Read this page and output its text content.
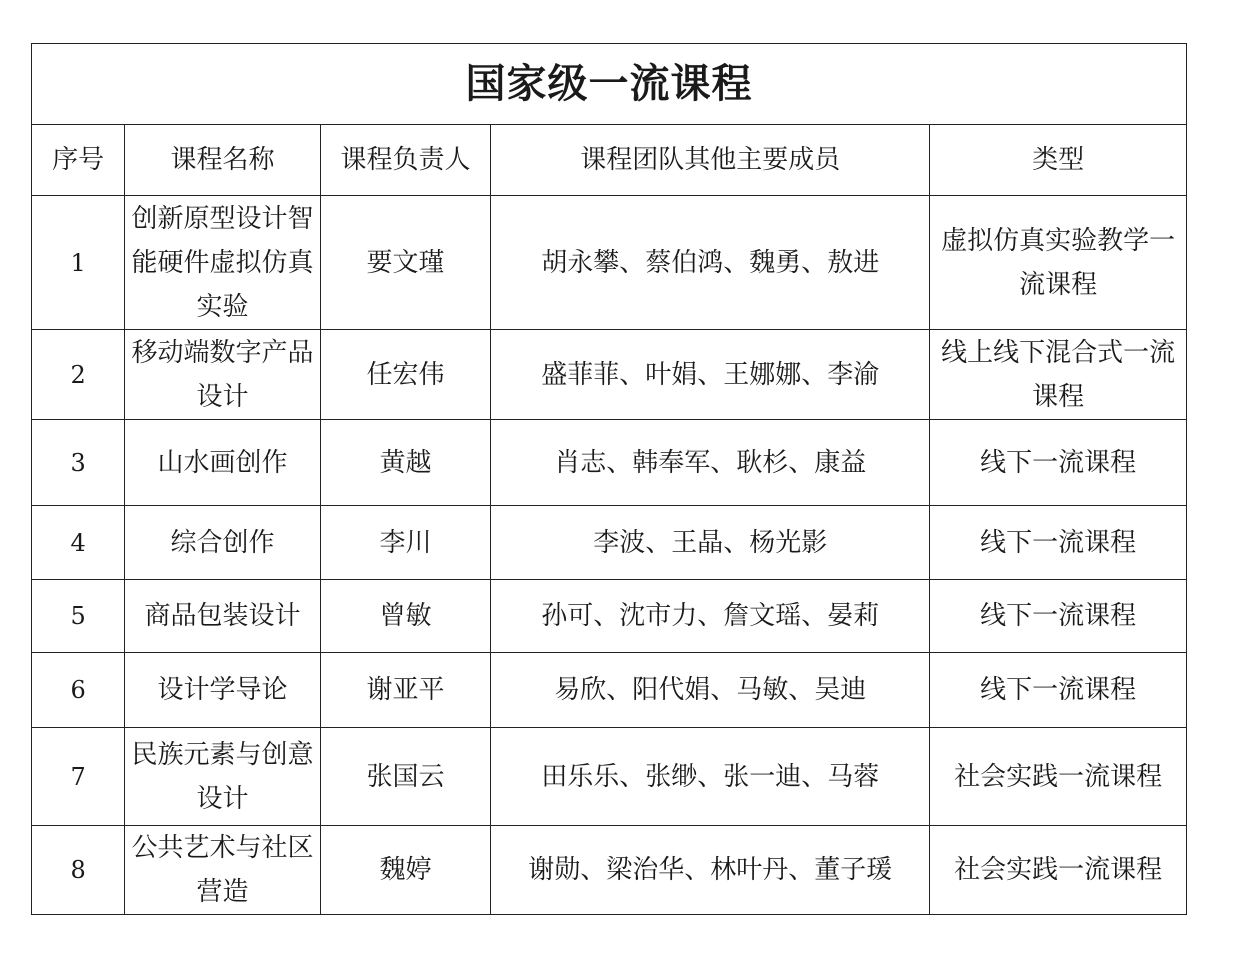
国家级一流课程				
序号	课程名称	课程负责人	课程团队其他主要成员	类型
1	创新原型设计智能硬件虚拟仿真实验	要文瑾	胡永攀、蔡伯鸿、魏勇、敖进	虚拟仿真实验教学一流课程
2	移动端数字产品设计	任宏伟	盛菲菲、叶娟、王娜娜、李渝	线上线下混合式一流课程
3	山水画创作	黄越	肖志、韩奉军、耿杉、康益	线下一流课程
4	综合创作	李川	李波、王晶、杨光影	线下一流课程
5	商品包装设计	曾敏	孙可、沈市力、詹文瑶、晏莉	线下一流课程
6	设计学导论	谢亚平	易欣、阳代娟、马敏、吴迪	线下一流课程
7	民族元素与创意设计	张国云	田乐乐、张缈、张一迪、马蓉	社会实践一流课程
8	公共艺术与社区营造	魏婷	谢勋、梁治华、林叶丹、董子瑗	社会实践一流课程
